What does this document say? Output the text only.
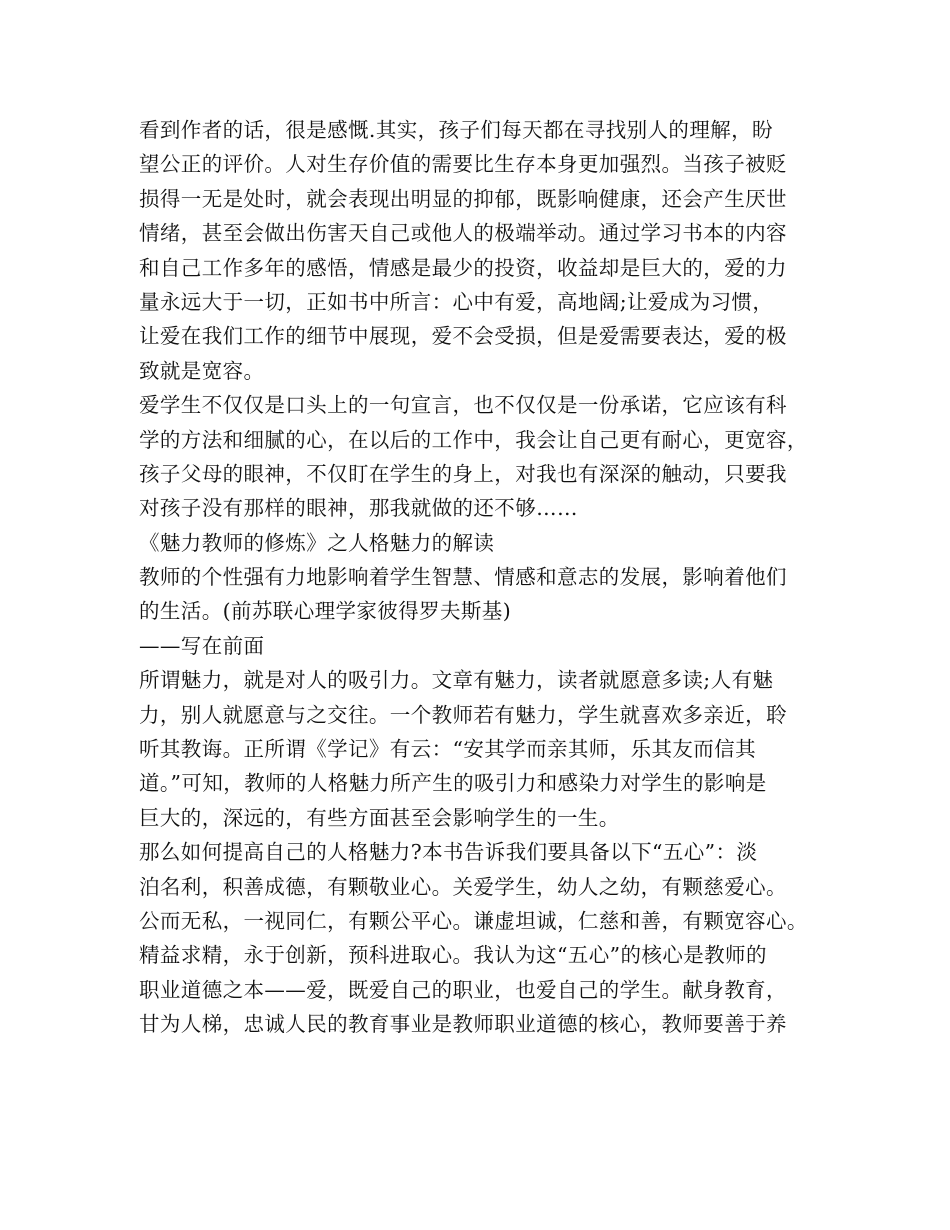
看到作者的话，很是感慨.其实，孩子们每天都在寻找别人的理解，盼
望公正的评价。人对生存价值的需要比生存本身更加强烈。当孩子被贬
损得一无是处时，就会表现出明显的抑郁，既影响健康，还会产生厌世
情绪，甚至会做出伤害天自己或他人的极端举动。通过学习书本的内容
和自己工作多年的感悟，情感是最少的投资，收益却是巨大的，爱的力
量永远大于一切，正如书中所言：心中有爱，高地阔;让爱成为习惯，
让爱在我们工作的细节中展现，爱不会受损，但是爱需要表达，爱的极
致就是宽容。
爱学生不仅仅是口头上的一句宣言，也不仅仅是一份承诺，它应该有科
学的方法和细腻的心，在以后的工作中，我会让自己更有耐心，更宽容，
孩子父母的眼神，不仅盯在学生的身上，对我也有深深的触动，只要我
对孩子没有那样的眼神，那我就做的还不够……
《魅力教师的修炼》之人格魅力的解读
教师的个性强有力地影响着学生智慧、情感和意志的发展，影响着他们
的生活。(前苏联心理学家彼得罗夫斯基)
——写在前面
所谓魅力，就是对人的吸引力。文章有魅力，读者就愿意多读;人有魅
力，别人就愿意与之交往。一个教师若有魅力，学生就喜欢多亲近，聆
听其教诲。正所谓《学记》有云：“安其学而亲其师，乐其友而信其
道。”可知，教师的人格魅力所产生的吸引力和感染力对学生的影响是
巨大的，深远的，有些方面甚至会影响学生的一生。
那么如何提高自己的人格魅力?本书告诉我们要具备以下“五心”：淡
泊名利，积善成德，有颗敬业心。关爱学生，幼人之幼，有颗慈爱心。
公而无私，一视同仁，有颗公平心。谦虚坦诚，仁慈和善，有颗宽容心。
精益求精，永于创新，预科进取心。我认为这“五心”的核心是教师的
职业道德之本——爱，既爱自己的职业，也爱自己的学生。献身教育，
甘为人梯，忠诚人民的教育事业是教师职业道德的核心，教师要善于养
